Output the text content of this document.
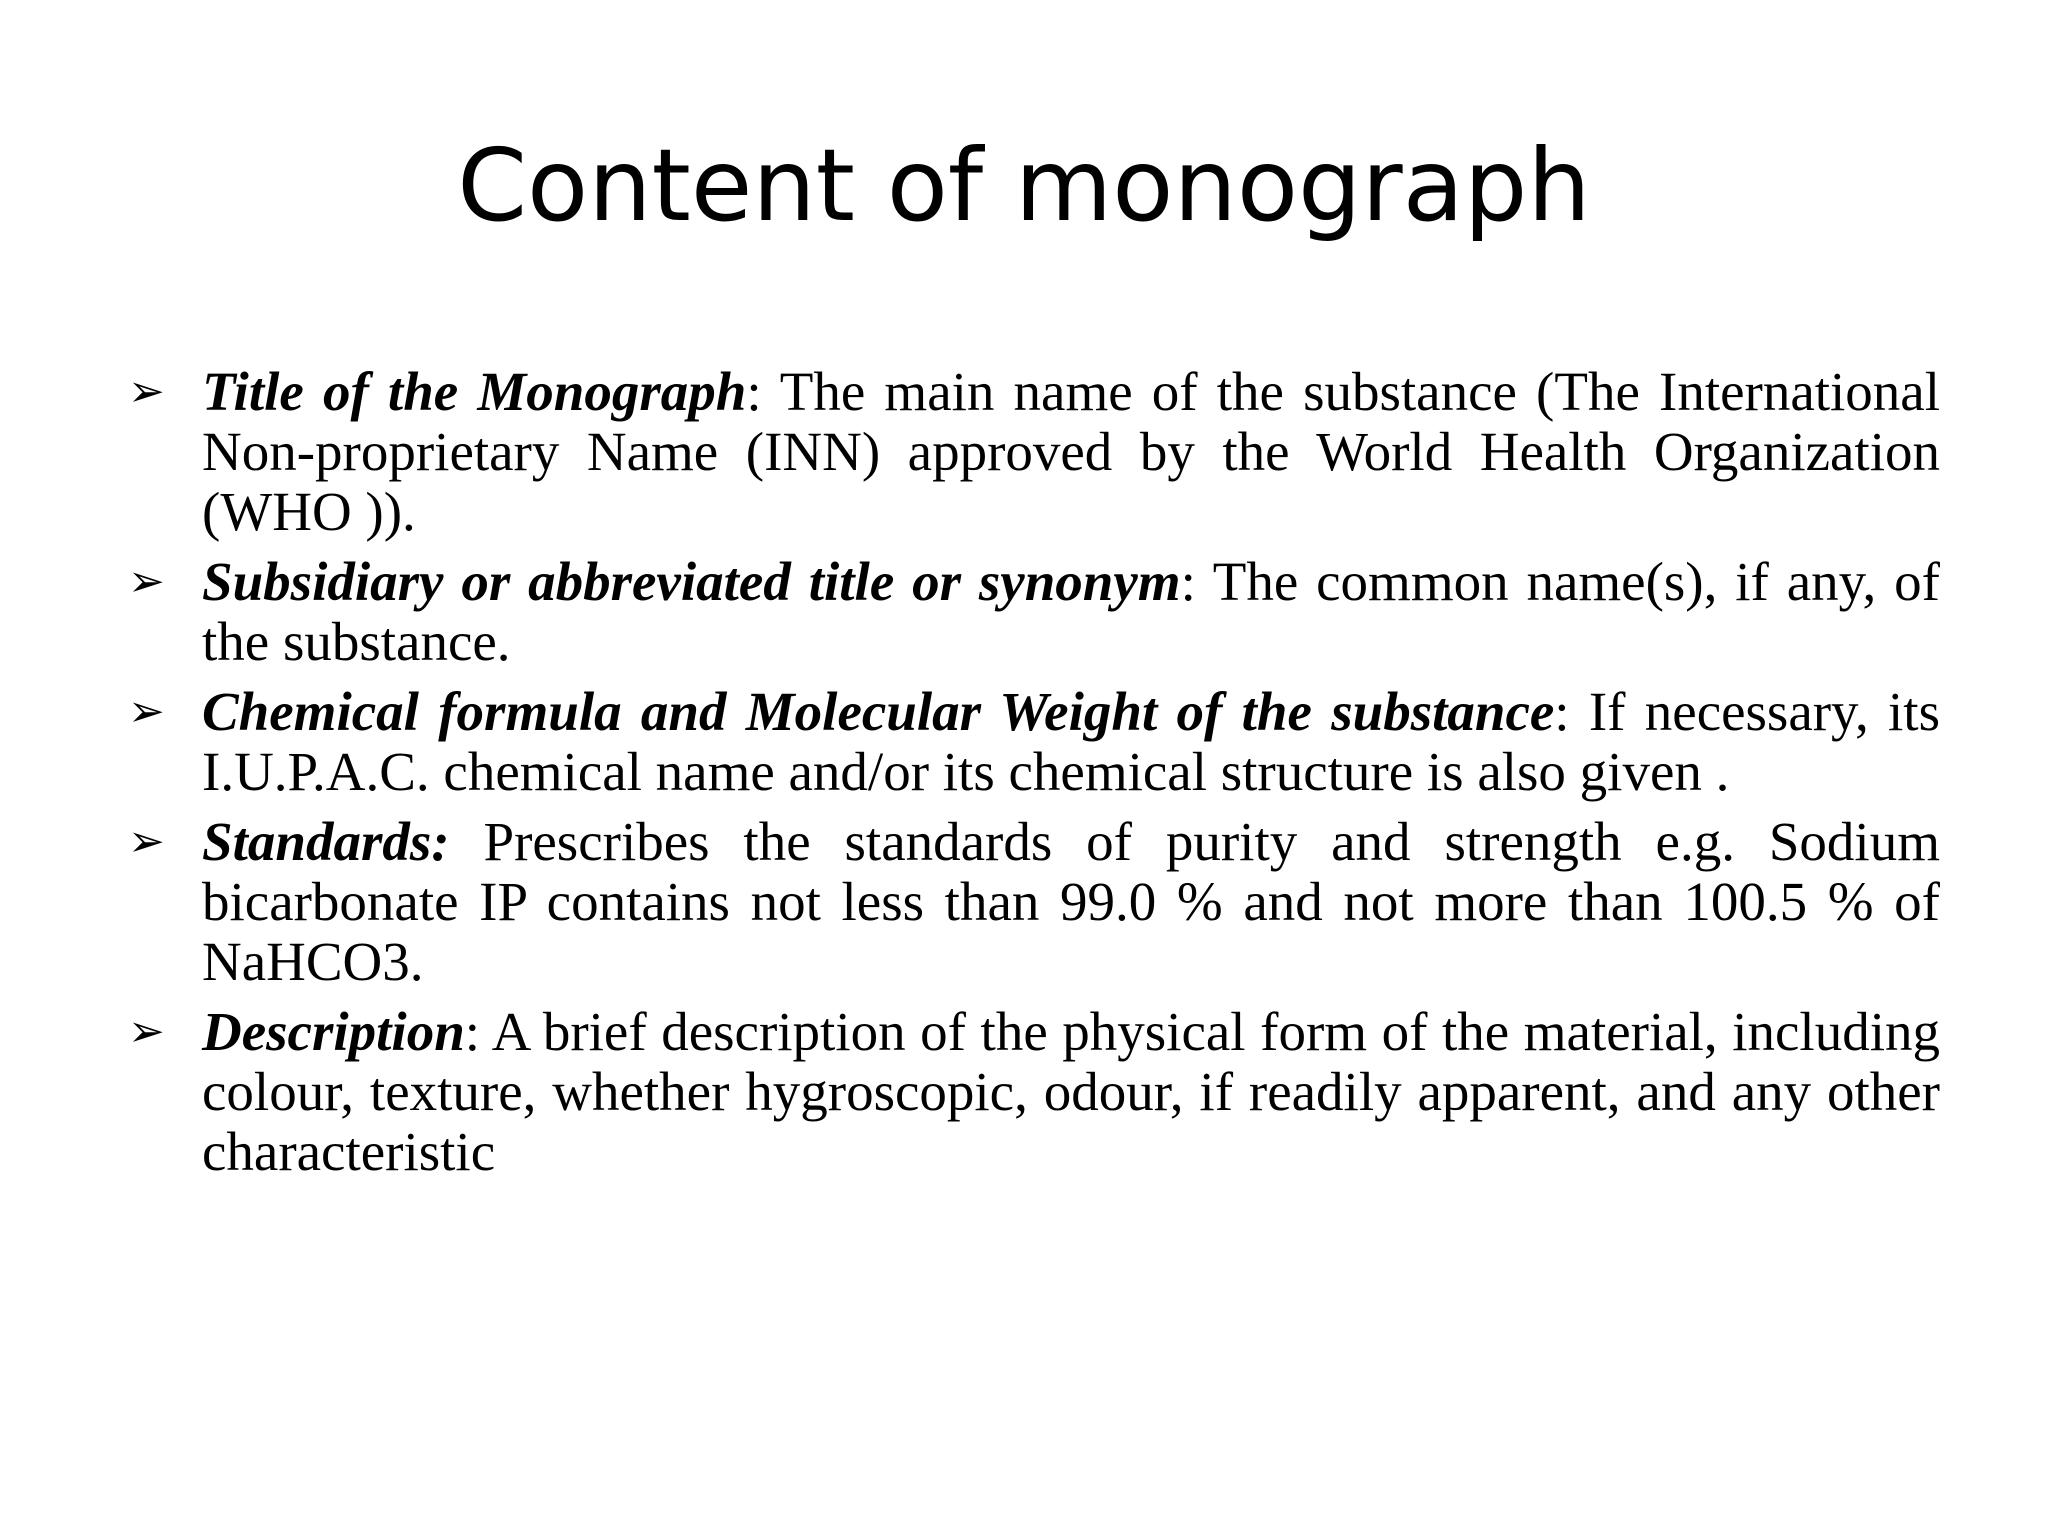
Content of monograph
➢ Title of the Monograph: The main name of the substance (The International Non-proprietary Name (INN) approved by the World Health Organization (WHO )).
➢ Subsidiary or abbreviated title or synonym: The common name(s), if any, of the substance.
➢ Chemical formula and Molecular Weight of the substance: If necessary, its I.U.P.A.C. chemical name and/or its chemical structure is also given .
➢ Standards: Prescribes the standards of purity and strength e.g. Sodium bicarbonate IP contains not less than 99.0 % and not more than 100.5 % of NaHCO3.
➢ Description: A brief description of the physical form of the material, including colour, texture, whether hygroscopic, odour, if readily apparent, and any other characteristic
